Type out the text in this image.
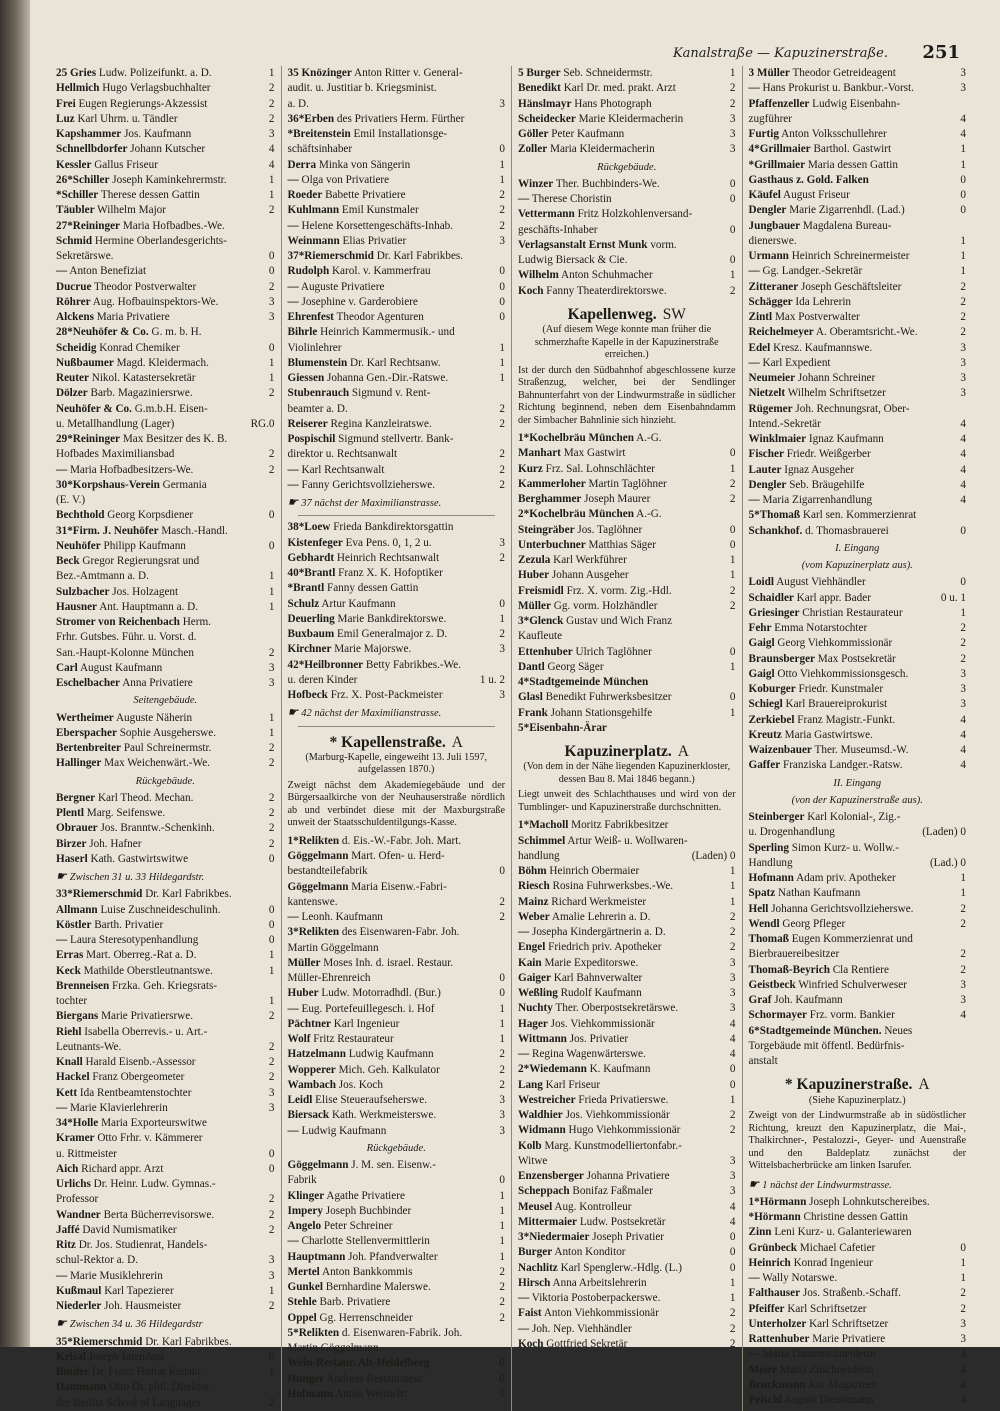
Kanalstraße — Kapuzinerstraße. 251
25 Gries Ludw. Polizeifunkt. a. D.	1
Hellmich Hugo Verlagsbuchhalter	2
Frei Eugen Regierungs-Akzessist	2
Luz Karl Uhrm. u. Tändler	2
Kapshammer Jos. Kaufmann	3
Schnellbdorfer Johann Kutscher	4
Kessler Gallus Friseur	4
26*Schiller Joseph Kaminkehrermstr.	1
*Schiller Therese dessen Gattin	1
Täubler Wilhelm Major	2
27*Reininger Maria Hofbadbes.-We.
Schmid Hermine Oberlandesgerichts-
Sekretärswe.	0
— Anton Benefiziat	0
Ducrue Theodor Postverwalter	2
Röhrer Aug. Hofbauinspektors-We.	3
Alckens Maria Privatiere	3
28*Neuhöfer & Co. G. m. b. H.
Scheidig Konrad Chemiker	0
Nußbaumer Magd. Kleidermach.	1
Reuter Nikol. Katastersekretär	1
Dölzer Barb. Magaziniersrwe.	2
Neuhöfer & Co. G.m.b.H. Eisen-
u. Metallhandlung (Lager)	RG.0
29*Reininger Max Besitzer des K. B.
Hofbades Maximiliansbad	2
— Maria Hofbadbesitzers-We.	2
30*Korpshaus-Verein Germania
(E. V.)
Bechthold Georg Korpsdiener	0
31*Firm. J. Neuhöfer Masch.-Handl.
Neuhöfer Philipp Kaufmann	0
Beck Gregor Regierungsrat und
Bez.-Amtmann a. D.	1
Sulzbacher Jos. Holzagent	1
Hausner Ant. Hauptmann a. D.	1
Stromer von Reichenbach Herm.
Frhr. Gutsbes. Führ. u. Vorst. d.
San.-Haupt-Kolonne München	2
Carl August Kaufmann	3
Eschelbacher Anna Privatiere	3
Seitengebäude.
Wertheimer Auguste Näherin	1
Eberspacher Sophie Ausgeherswe.	1
Bertenbreiter Paul Schreinermstr.	2
Hallinger Max Weichenwärt.-We.	2
Rückgebäude.
Bergner Karl Theod. Mechan.	2
Plentl Marg. Seifenswe.	2
Obrauer Jos. Branntw.-Schenkinh.	2
Birzer Joh. Hafner	2
Haserl Kath. Gastwirtswitwe	0
☛ Zwischen 31 u. 33 Hildegardstr.
33*Riemerschmid Dr. Karl Fabrikbes.
Allmann Luise Zuschneideschulinh.	0
Köstler Barth. Privatier	0
— Laura Steresotypenhandlung	0
Erras Mart. Oberreg.-Rat a. D.	1
Keck Mathilde Oberstleutnantswe.	1
Brenneisen Frzka. Geh. Kriegsrats-
tochter	1
Biergans Marie Privatiersrwe.	2
Riehl Isabella Oberrevis.- u. Art.-
Leutnants-We.	2
Knall Harald Eisenb.-Assessor	2
Hackel Franz Obergeometer	2
Kett Ida Rentbeamtenstochter	3
— Marie Klavierlehrerin	3
34*Holle Maria Exporteurswitwe
Kramer Otto Frhr. v. Kämmerer
u. Rittmeister	0
Aich Richard appr. Arzt	0
Urlichs Dr. Heinr. Ludw. Gymnas.-
Professor	2
Wandner Berta Bücherrevisorswe.	2
Jaffé David Numismatiker	2
Ritz Dr. Jos. Studienrat, Handels-
schul-Rektor a. D.	3
— Marie Musiklehrerin	3
Kußmaul Karl Tapezierer	1
Niederler Joh. Hausmeister	2
☛ Zwischen 34 u. 36 Hildegardstr
35*Riemerschmid Dr. Karl Fabrikbes.
Krisal Joseph Intendant	0
Binder Dr. Franz Hofrat Redakt.	1
Dammann Otto Dr. phil. Direktor
der Berlitz School of Languages	2
35 Knözinger Anton Ritter v. General-
audit. u. Justitiar b. Kriegsminist.
a. D.	3
36*Erben des Privatiers Herm. Fürther
*Breitenstein Emil Installationsge-
schäftsinhaber	0
Derra Minka von Sängerin	1
— Olga von Privatiere	1
Roeder Babette Privatiere	2
Kuhlmann Emil Kunstmaler	2
— Helene Korsettengeschäfts-Inhab.	2
Weinmann Elias Privatier	3
37*Riemerschmid Dr. Karl Fabrikbes.
Rudolph Karol. v. Kammerfrau	0
— Auguste Privatiere	0
— Josephine v. Garderobiere	0
Ehrenfest Theodor Agenturen	0
Bihrle Heinrich Kammermusik.- und
Violinlehrer	1
Blumenstein Dr. Karl Rechtsanw.	1
Giessen Johanna Gen.-Dir.-Ratswe.	1
Stubenrauch Sigmund v. Rent-
beamter a. D.	2
Reiserer Regina Kanzleiratswe.	2
Pospischil Sigmund stellvertr. Bank-
direktor u. Rechtsanwalt	2
— Karl Rechtsanwalt	2
— Fanny Gerichtsvollzieherswe.	2
☛ 37 nächst der Maximilianstrasse.
38*Loew Frieda Bankdirektorsgattin
Kistenfeger Eva Pens. 0, 1, 2 u.	3
Gebhardt Heinrich Rechtsanwalt	2
40*Brantl Franz X. K. Hofoptiker
*Brantl Fanny dessen Gattin
Schulz Artur Kaufmann	0
Deuerling Marie Bankdirektorswe.	1
Buxbaum Emil Generalmajor z. D.	2
Kirchner Marie Majorswe.	3
42*Heilbronner Betty Fabrikbes.-We.
u. deren Kinder	1 u. 2
Hofbeck Frz. X. Post-Packmeister	3
☛ 42 nächst der Maximilianstrasse.
* Kapellenstraße. A
(Marburg-Kapelle, eingeweiht 13. Juli 1597, aufgelassen 1870.)
Zweigt nächst dem Akademiegebäude und der Bürgersaalkirche von der Neuhauserstraße nördlich ab und verbindet diese mit der Maxburgstraße unweit der Staatsschuldentilgungs-Kasse.
1*Relikten d. Eis.-W.-Fabr. Joh. Mart.
Göggelmann Mart. Ofen- u. Herd-
bestandteilefabrik	0
Göggelmann Maria Eisenw.-Fabri-
kantenswe.	2
— Leonh. Kaufmann	2
3*Relikten des Eisenwaren-Fabr. Joh.
Martin Göggelmann
Müller Moses Inh. d. israel. Restaur.
Müller-Ehrenreich	0
Huber Ludw. Motorradhdl. (Bur.)	0
— Eug. Portefeuillegesch. i. Hof	1
Pächtner Karl Ingenieur	1
Wolf Fritz Restaurateur	1
Hatzelmann Ludwig Kaufmann	2
Wopperer Mich. Geh. Kalkulator	2
Wambach Jos. Koch	2
Leidl Elise Steueraufseherswe.	3
Biersack Kath. Werkmeisterswe.	3
— Ludwig Kaufmann	3
Rückgebäude.
Göggelmann J. M. sen. Eisenw.-
Fabrik	0
Klinger Agathe Privatiere	1
Impery Joseph Buchbinder	1
Angelo Peter Schreiner	1
— Charlotte Stellenvermittlerin	1
Hauptmann Joh. Pfandverwalter	1
Mertel Anton Bankkommis	2
Gunkel Bernhardine Malerswe.	2
Stehle Barb. Privatiere	2
Oppel Gg. Herrenschneider	2
5*Relikten d. Eisenwaren-Fabrik. Joh.
Martin Göggelmann
Wein-Restaur. Alt-Heidelberg	0
Hunger Andreas Restaurateur	0
Hofmann Anton Weinwirt	1
5 Burger Seb. Schneidermstr.	1
Benedikt Karl Dr. med. prakt. Arzt	2
Hänslmayr Hans Photograph	2
Scheidecker Marie Kleidermacherin	3
Göller Peter Kaufmann	3
Zoller Maria Kleidermacherin	3
Rückgebäude.
Winzer Ther. Buchbinders-We.	0
— Therese Choristin	0
Vettermann Fritz Holzkohlenversand-
geschäfts-Inhaber	0
Verlagsanstalt Ernst Munk vorm.
Ludwig Biersack & Cie.	0
Wilhelm Anton Schuhmacher	1
Koch Fanny Theaterdirektorswe.	2
Kapellenweg. SW
(Auf diesem Wege konnte man früher die schmerzhafte Kapelle in der Kapuzinerstraße erreichen.)
Ist der durch den Südbahnhof abgeschlossene kurze Straßenzug, welcher, bei der Sendlinger Bahnunterfahrt von der Lindwurmstraße in südlicher Richtung beginnend, neben dem Eisenbahndamm der Simbacher Bahnlinie sich hinzieht.
1*Kochelbräu München A.-G.
Manhart Max Gastwirt	0
Kurz Frz. Sal. Lohnschlächter	1
Kammerloher Martin Taglöhner	2
Berghammer Joseph Maurer	2
2*Kochelbräu München A.-G.
Steingräber Jos. Taglöhner	0
Unterbuchner Matthias Säger	0
Zezula Karl Werkführer	1
Huber Johann Ausgeher	1
Freismidl Frz. X. vorm. Zig.-Hdl.	2
Müller Gg. vorm. Holzhändler	2
3*Glenck Gustav und Wich Franz
Kaufleute
Ettenhuber Ulrich Taglöhner	0
Dantl Georg Säger	1
4*Stadtgemeinde München
Glasl Benedikt Fuhrwerksbesitzer	0
Frank Johann Stationsgehilfe	1
5*Eisenbahn-Ärar
Kapuzinerplatz. A
(Von dem in der Nähe liegenden Kapuzinerkloster, dessen Bau 8. Mai 1846 begann.)
Liegt unweit des Schlachthauses und wird von der Tumblinger- und Kapuzinerstraße durchschnitten.
1*Macholl Moritz Fabrikbesitzer
Schimmel Artur Weiß- u. Wollwaren-
handlung	(Laden) 0
Böhm Heinrich Obermaier	1
Riesch Rosina Fuhrwerksbes.-We.	1
Mainz Richard Werkmeister	1
Weber Amalie Lehrerin a. D.	2
— Josepha Kindergärtnerin a. D.	2
Engel Friedrich priv. Apotheker	2
Kain Marie Expeditorswe.	3
Gaiger Karl Bahnverwalter	3
Weßling Rudolf Kaufmann	3
Nuchty Ther. Oberpostsekretärswe.	3
Hager Jos. Viehkommissionär	4
Wittmann Jos. Privatier	4
— Regina Wagenwärterswe.	4
2*Wiedemann K. Kaufmann	0
Lang Karl Friseur	0
Westreicher Frieda Privatierswe.	1
Waldhier Jos. Viehkommissionär	2
Widmann Hugo Viehkommissionär	2
Kolb Marg. Kunstmodelliertonfabr.-
Witwe	3
Enzensberger Johanna Privatiere	3
Scheppach Bonifaz Faßmaler	3
Meusel Aug. Kontrolleur	4
Mittermaier Ludw. Postsekretär	4
3*Niedermaier Joseph Privatier	0
Burger Anton Konditor	0
Nachlitz Karl Spenglerw.-Hdlg. (L.)	0
Hirsch Anna Arbeitslehrerin	1
— Viktoria Postoberpackerswe.	1
Faist Anton Viehkommissionär	2
— Joh. Nep. Viehhändler	2
Koch Gottfried Sekretär	2
3 Müller Theodor Getreideagent	3
— Hans Prokurist u. Bankbur.-Vorst.	3
Pfaffenzeller Ludwig Eisenbahn-
zugführer	4
Furtig Anton Volksschullehrer	4
4*Grillmaier Barthol. Gastwirt	1
*Grillmaier Maria dessen Gattin	1
Gasthaus z. Gold. Falken	0
Käufel August Friseur	0
Dengler Marie Zigarrenhdl. (Lad.)	0
Jungbauer Magdalena Bureau-
dienerswe.	1
Urmann Heinrich Schreinermeister	1
— Gg. Landger.-Sekretär	1
Zitteraner Joseph Geschäftsleiter	2
Schägger Ida Lehrerin	2
Zintl Max Postverwalter	2
Reichelmeyer A. Oberamtsricht.-We.	2
Edel Kresz. Kaufmannswe.	3
— Karl Expedient	3
Neumeier Johann Schreiner	3
Nietzelt Wilhelm Schriftsetzer	3
Rügemer Joh. Rechnungsrat, Ober-
Intend.-Sekretär	4
Winklmaier Ignaz Kaufmann	4
Fischer Friedr. Weißgerber	4
Lauter Ignaz Ausgeher	4
Dengler Seb. Bräugehilfe	4
— Maria Zigarrenhandlung	4
5*Thomaß Karl sen. Kommerzienrat
Schankhof. d. Thomasbrauerei	0
I. Eingang
(vom Kapuzinerplatz aus).
Loidl August Viehhändler	0
Schaidler Karl appr. Bader	0 u. 1
Griesinger Christian Restaurateur	1
Fehr Emma Notarstochter	2
Gaigl Georg Viehkommissionär	2
Braunsberger Max Postsekretär	2
Gaigl Otto Viehkommissionsgesch.	3
Koburger Friedr. Kunstmaler	3
Schiegl Karl Brauereiprokurist	3
Zerkiebel Franz Magistr.-Funkt.	4
Kreutz Maria Gastwirtswe.	4
Waizenbauer Ther. Museumsd.-W.	4
Gaffer Franziska Landger.-Ratsw.	4
II. Eingang
(von der Kapuzinerstraße aus).
Steinberger Karl Kolonial-, Zig.-
u. Drogenhandlung	(Laden) 0
Sperling Simon Kurz- u. Wollw.-
Handlung	(Lad.) 0
Hofmann Adam priv. Apotheker	1
Spatz Nathan Kaufmann	1
Hell Johanna Gerichtsvollzieherswe.	2
Wendl Georg Pfleger	2
Thomaß Eugen Kommerzienrat und
Bierbrauereibesitzer	2
Thomaß-Beyrich Cla Rentiere	2
Geistbeck Winfried Schulverweser	3
Graf Joh. Kaufmann	3
Schormayer Frz. vorm. Bankier	4
6*Stadtgemeinde München. Neues
Torgebäude mit öffentl. Bedürfnis-
anstalt
* Kapuzinerstraße. A
(Siehe Kapuzinerplatz.)
Zweigt von der Lindwurmstraße ab in südöstlicher Richtung, kreuzt den Kapuzinerplatz, die Mai-, Thalkirchner-, Pestalozzi-, Geyer- und Auenstraße und den Baldeplatz zunächst der Wittelsbacherbrücke am linken Isarufer.
☛ 1 nächst der Lindwurmstrasse.
1*Hörmann Joseph Lohnkutschereibes.
*Hörmann Christine dessen Gattin
Zinn Leni Kurz- u. Galanteriewaren
Grünbeck Michael Cafetier	0
Heinrich Konrad Ingenieur	1
— Wally Notarswe.	1
Falthauser Jos. Straßenb.-Schaff.	2
Pfeiffer Karl Schriftsetzer	2
Unterholzer Karl Schriftsetzer	3
Rattenhuber Marie Privatiere	3
— Maria Damenschneiderin	3
Meier Maria Zuschneiderin	4
Bruckmann Jos. Magaziner	4
Peischl August Dienstmann	4
